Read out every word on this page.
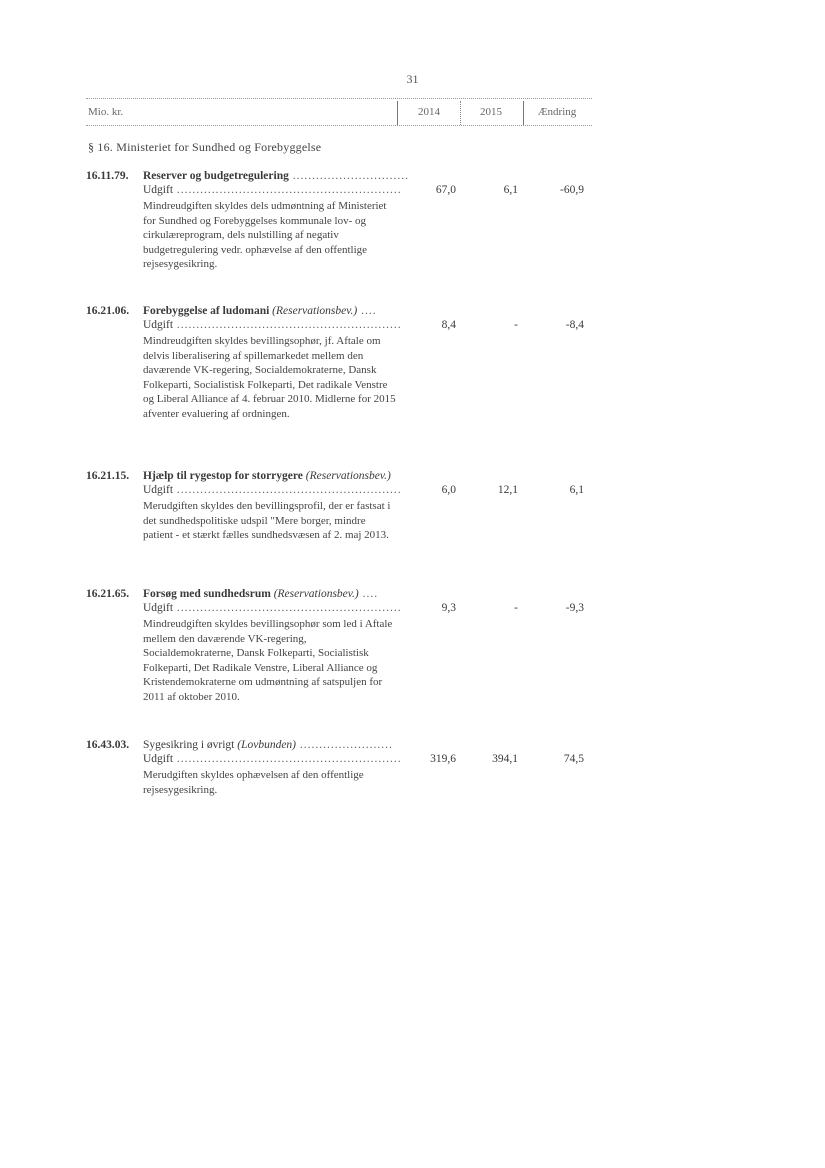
31
Mio. kr.	2014	2015	Ændring
§ 16. Ministeriet for Sundhed og Forebyggelse
16.11.79. Reserver og budgetregulering ..............................
Udgift ..........................................................	67,0	6,1	-60,9
Mindreudgiften skyldes dels udmøntning af Ministeriet for Sundhed og Forebyggelses kommunale lov- og cirkulæreprogram, dels nulstilling af negativ budgetregulering vedr. ophævelse af den offentlige rejsesygesikring.
16.21.06. Forebyggelse af ludomani (Reservationsbev.) ....
Udgift ..........................................................	8,4	-	-8,4
Mindreudgiften skyldes bevillingsophør, jf. Aftale om delvis liberalisering af spillemarkedet mellem den daværende VK-regering, Socialdemokraterne, Dansk Folkeparti, Socialistisk Folkeparti, Det radikale Venstre og Liberal Alliance af 4. februar 2010. Midlerne for 2015 afventer evaluering af ordningen.
16.21.15. Hjælp til rygestop for storrygere (Reservationsbev.)
Udgift ..........................................................	6,0	12,1	6,1
Merudgiften skyldes den bevillingsprofil, der er fastsat i det sundhedspolitiske udspil "Mere borger, mindre patient - et stærkt fælles sundhedsvæsen af 2. maj 2013.
16.21.65. Forsøg med sundhedsrum (Reservationsbev.) ....
Udgift ..........................................................	9,3	-	-9,3
Mindreudgiften skyldes bevillingsophør som led i Aftale mellem den daværende VK-regering, Socialdemokraterne, Dansk Folkeparti, Socialistisk Folkeparti, Det Radikale Venstre, Liberal Alliance og Kristendemokraterne om udmøntning af satspuljen for 2011 af oktober 2010.
16.43.03. Sygesikring i øvrigt (Lovbunden) ........................
Udgift ..........................................................	319,6	394,1	74,5
Merudgiften skyldes ophævelsen af den offentlige rejsesygesikring.
